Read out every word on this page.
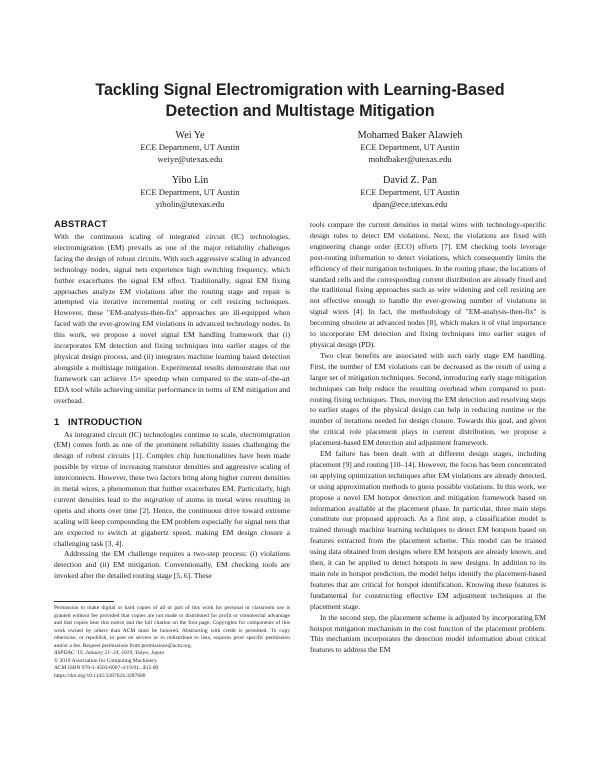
Tackling Signal Electromigration with Learning-Based
Detection and Multistage Mitigation
Wei Ye
ECE Department, UT Austin
weiye@utexas.edu
Mohamed Baker Alawieh
ECE Department, UT Austin
mohdbaker@utexas.edu
Yibo Lin
ECE Department, UT Austin
yibolin@utexas.edu
David Z. Pan
ECE Department, UT Austin
dpan@ece.utexas.edu
ABSTRACT

With the continuous scaling of integrated circuit (IC) technologies, electromigration (EM) prevails as one of the major reliability challenges facing the design of robust circuits. With such aggressive scaling in advanced technology nodes, signal nets experience high switching frequency, which further exacerbates the signal EM effect. Traditionally, signal EM fixing approaches analyze EM violations after the routing stage and repair is attempted via iterative incremental routing or cell resizing techniques. However, these "EM-analysis-then-fix" approaches are ill-equipped when faced with the ever-growing EM violations in advanced technology nodes. In this work, we propose a novel signal EM handling framework that (i) incorporates EM detection and fixing techniques into earlier stages of the physical design process, and (ii) integrates machine learning based detection alongside a multistage mitigation. Experimental results demonstrate that our framework can achieve 15× speedup when compared to the state-of-the-art EDA tool while achieving similar performance in terms of EM mitigation and overhead.

1 INTRODUCTION

As integrated circuit (IC) technologies continue to scale, electromigration (EM) comes forth as one of the prominent reliability issues challenging the design of robust circuits [1]. Complex chip functionalities have been made possible by virtue of increasing transistor densities and aggressive scaling of interconnects. However, these two factors bring along higher current densities in metal wires, a phenomenon that further exacerbates EM. Particularly, high current densities lead to the migration of atoms in metal wires resulting in opens and shorts over time [2]. Hence, the continuous drive toward extreme scaling will keep compounding the EM problem especially for signal nets that are expected to switch at gigahertz speed, making EM design closure a challenging task [3, 4].

Addressing the EM challenge requires a two-step process: (i) violations detection and (ii) EM mitigation. Conventionally, EM checking tools are invoked after the detailed routing stage [5, 6]. These

Permission to make digital or hard copies of all or part of this work for personal or classroom use is granted without fee provided that copies are not made or distributed for profit or commercial advantage and that copies bear this notice and the full citation on the first page. Copyrights for components of this work owned by others than ACM must be honored. Abstracting with credit is permitted. To copy otherwise, or republish, to post on servers or to redistribute to lists, requires prior specific permission and/or a fee. Request permissions from permissions@acm.org.

ASPDAC '19, January 21–24, 2019, Tokyo, Japan

© 2019 Association for Computing Machinery.

ACM ISBN 978-1-4503-6007-4/19/01...$15.00

https://doi.org/10.1145/3287624.3287688

tools compare the current densities in metal wires with technology-specific design rules to detect EM violations. Next, the violations are fixed with engineering change order (ECO) efforts [7]. EM checking tools leverage post-routing information to detect violations, which consequently limits the efficiency of their mitigation techniques. In the routing phase, the locations of standard cells and the corresponding current distribution are already fixed and the traditional fixing approaches such as wire widening and cell resizing are not effective enough to handle the ever-growing number of violations in signal wires [4]. In fact, the methodology of "EM-analysis-then-fix" is becoming obsolete at advanced nodes [8], which makes it of vital importance to incorporate EM detection and fixing techniques into earlier stages of physical design (PD).

Two clear benefits are associated with such early stage EM handling. First, the number of EM violations can be decreased as the result of using a larger set of mitigation techniques. Second, introducing early stage mitigation techniques can help reduce the resulting overhead when compared to post-routing fixing techniques. Thus, moving the EM detection and resolving steps to earlier stages of the physical design can help in reducing runtime or the number of iterations needed for design closure. Towards this goal, and given the critical role placement plays in current distribution, we propose a placement-based EM detection and adjustment framework.

EM failure has been dealt with at different design stages, including placement [9] and routing [10–14]. However, the focus has been concentrated on applying optimization techniques after EM violations are already detected, or using approximation methods to guess possible violations. In this work, we propose a novel EM hotspot detection and mitigation framework based on information available at the placement phase. In particular, three main steps constitute our proposed approach. As a first step, a classification model is trained through machine learning techniques to detect EM hotspots based on features extracted from the placement scheme. This model can be trained using data obtained from designs where EM hotspots are already known, and then, it can be applied to detect hotspots in new designs. In addition to its main role in hotspot prediction, the model helps identify the placement-based features that are critical for hotspot identification. Knowing these features is fundamental for constructing effective EM adjustment techniques at the placement stage.

In the second step, the placement scheme is adjusted by incorporating EM hotspot mitigation mechanism in the cost function of the placement problem. This mechanism incorporates the detection model information about critical features to address the EM
